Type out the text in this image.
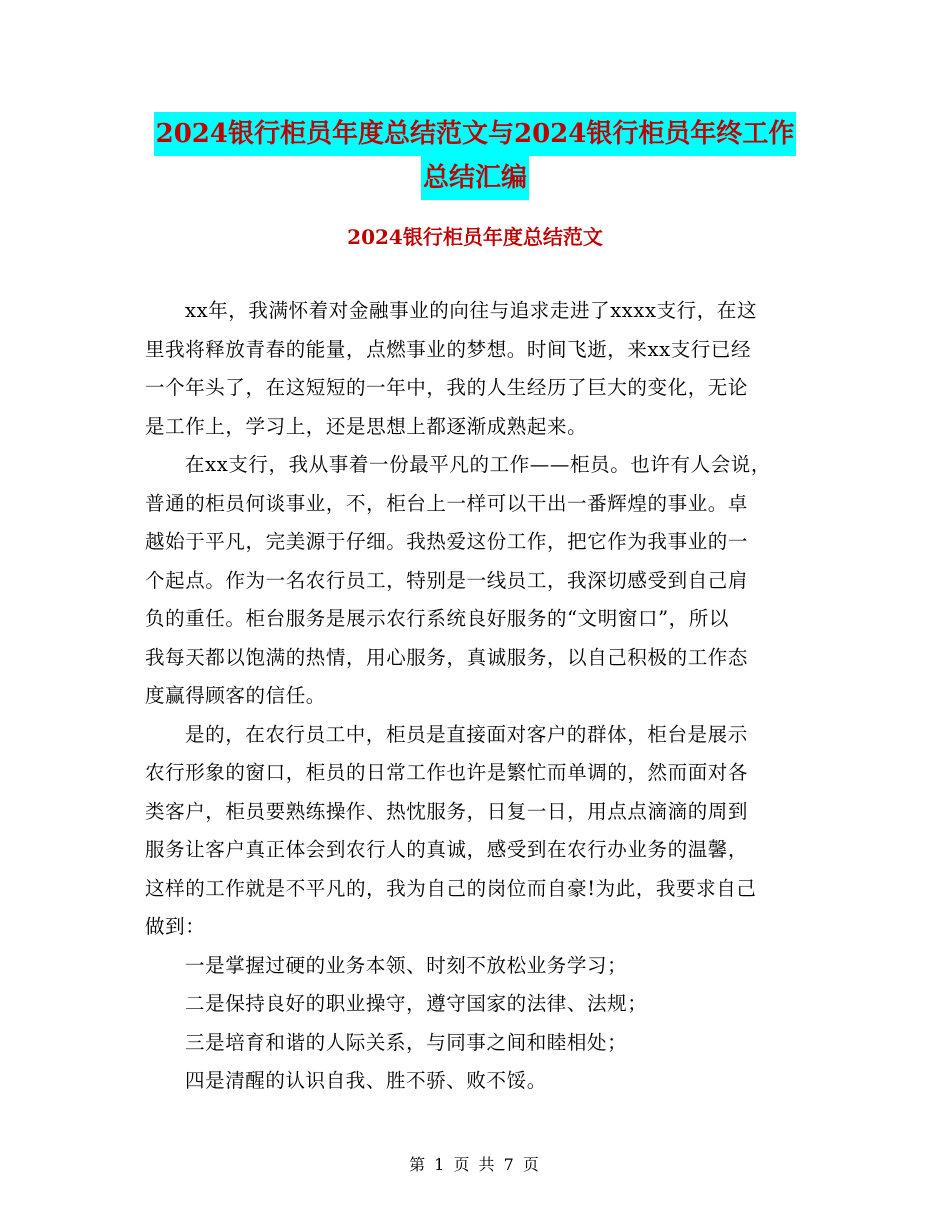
2024银行柜员年度总结范文与2024银行柜员年终工作
总结汇编
2024银行柜员年度总结范文

xx年，我满怀着对金融事业的向往与追求走进了xxxx支行，在这
里我将释放青春的能量，点燃事业的梦想。时间飞逝，来xx支行已经
一个年头了，在这短短的一年中，我的人生经历了巨大的变化，无论
是工作上，学习上，还是思想上都逐渐成熟起来。

在xx支行，我从事着一份最平凡的工作——柜员。也许有人会说，
普通的柜员何谈事业，不，柜台上一样可以干出一番辉煌的事业。卓
越始于平凡，完美源于仔细。我热爱这份工作，把它作为我事业的一
个起点。作为一名农行员工，特别是一线员工，我深切感受到自己肩
负的重任。柜台服务是展示农行系统良好服务的“文明窗口”，所以
我每天都以饱满的热情，用心服务，真诚服务，以自己积极的工作态
度赢得顾客的信任。

是的，在农行员工中，柜员是直接面对客户的群体，柜台是展示
农行形象的窗口，柜员的日常工作也许是繁忙而单调的，然而面对各
类客户，柜员要熟练操作、热忱服务，日复一日，用点点滴滴的周到
服务让客户真正体会到农行人的真诚，感受到在农行办业务的温馨，
这样的工作就是不平凡的，我为自己的岗位而自豪!为此，我要求自己
做到：

一是掌握过硬的业务本领、时刻不放松业务学习；

二是保持良好的职业操守，遵守国家的法律、法规；

三是培育和谐的人际关系，与同事之间和睦相处；

四是清醒的认识自我、胜不骄、败不馁。

第 1 页 共 7 页
